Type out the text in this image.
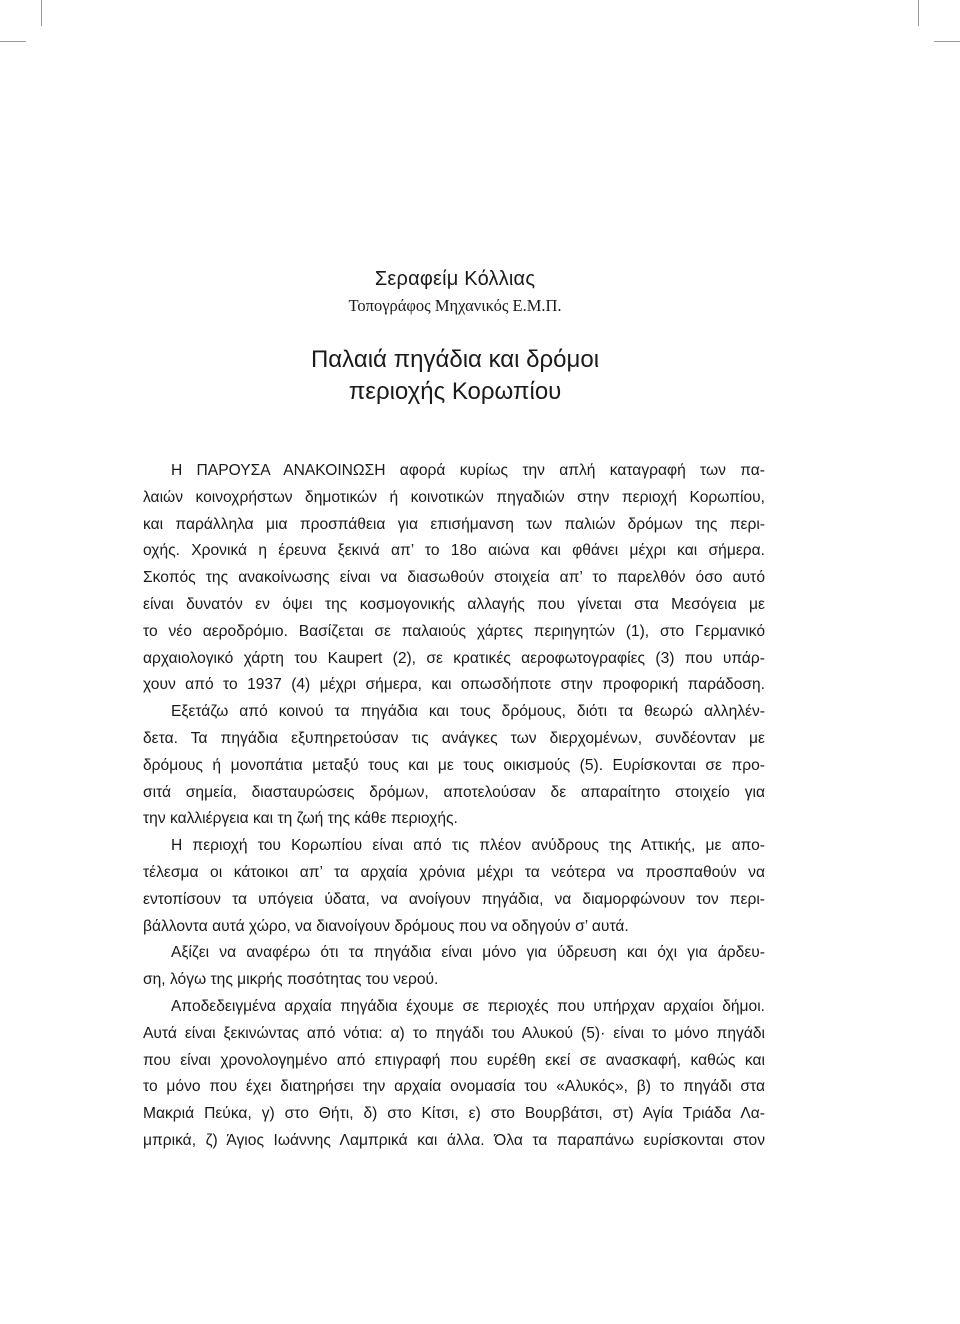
Σεραφείμ Κόλλιας
Τοπογράφος Μηχανικός Ε.Μ.Π.
Παλαιά πηγάδια και δρόμοι
περιοχής Κορωπίου
Η ΠΑΡΟΥΣΑ ΑΝΑΚΟΙΝΩΣΗ αφορά κυρίως την απλή καταγραφή των πα-
λαιών κοινοχρήστων δημοτικών ή κοινοτικών πηγαδιών στην περιοχή Κορωπίου,
και παράλληλα μια προσπάθεια για επισήμανση των παλιών δρόμων της περι-
οχής. Χρονικά η έρευνα ξεκινά απ’ το 18ο αιώνα και φθάνει μέχρι και σήμερα.
Σκοπός της ανακοίνωσης είναι να διασωθούν στοιχεία απ’ το παρελθόν όσο αυτό
είναι δυνατόν εν όψει της κοσμογονικής αλλαγής που γίνεται στα Μεσόγεια με
το νέο αεροδρόμιο. Βασίζεται σε παλαιούς χάρτες περιηγητών (1), στο Γερμανικό
αρχαιολογικό χάρτη του Kaupert (2), σε κρατικές αεροφωτογραφίες (3) που υπάρ-
χουν από το 1937 (4) μέχρι σήμερα, και οπωσδήποτε στην προφορική παράδοση.
Εξετάζω από κοινού τα πηγάδια και τους δρόμους, διότι τα θεωρώ αλληλέν-
δετα. Τα πηγάδια εξυπηρετούσαν τις ανάγκες των διερχομένων, συνδέονταν με
δρόμους ή μονοπάτια μεταξύ τους και με τους οικισμούς (5). Ευρίσκονται σε προ-
σιτά σημεία, διασταυρώσεις δρόμων, αποτελούσαν δε απαραίτητο στοιχείο για
την καλλιέργεια και τη ζωή της κάθε περιοχής.
Η περιοχή του Κορωπίου είναι από τις πλέον ανύδρους της Αττικής, με απο-
τέλεσμα οι κάτοικοι απ’ τα αρχαία χρόνια μέχρι τα νεότερα να προσπαθούν να
εντοπίσουν τα υπόγεια ύδατα, να ανοίγουν πηγάδια, να διαμορφώνουν τον περι-
βάλλοντα αυτά χώρο, να διανοίγουν δρόμους που να οδηγούν σ’ αυτά.
Αξίζει να αναφέρω ότι τα πηγάδια είναι μόνο για ύδρευση και όχι για άρδευ-
ση, λόγω της μικρής ποσότητας του νερού.
Αποδεδειγμένα αρχαία πηγάδια έχουμε σε περιοχές που υπήρχαν αρχαίοι δήμοι.
Αυτά είναι ξεκινώντας από νότια: α) το πηγάδι του Αλυκού (5)· είναι το μόνο πηγάδι
που είναι χρονολογημένο από επιγραφή που ευρέθη εκεί σε ανασκαφή, καθώς και
το μόνο που έχει διατηρήσει την αρχαία ονομασία του «Αλυκός», β) το πηγάδι στα
Μακριά Πεύκα, γ) στο Θήτι, δ) στο Κίτσι, ε) στο Βουρβάτσι, στ) Αγία Τριάδα Λα-
μπρικά, ζ) Άγιος Ιωάννης Λαμπρικά και άλλα. Όλα τα παραπάνω ευρίσκονται στον
